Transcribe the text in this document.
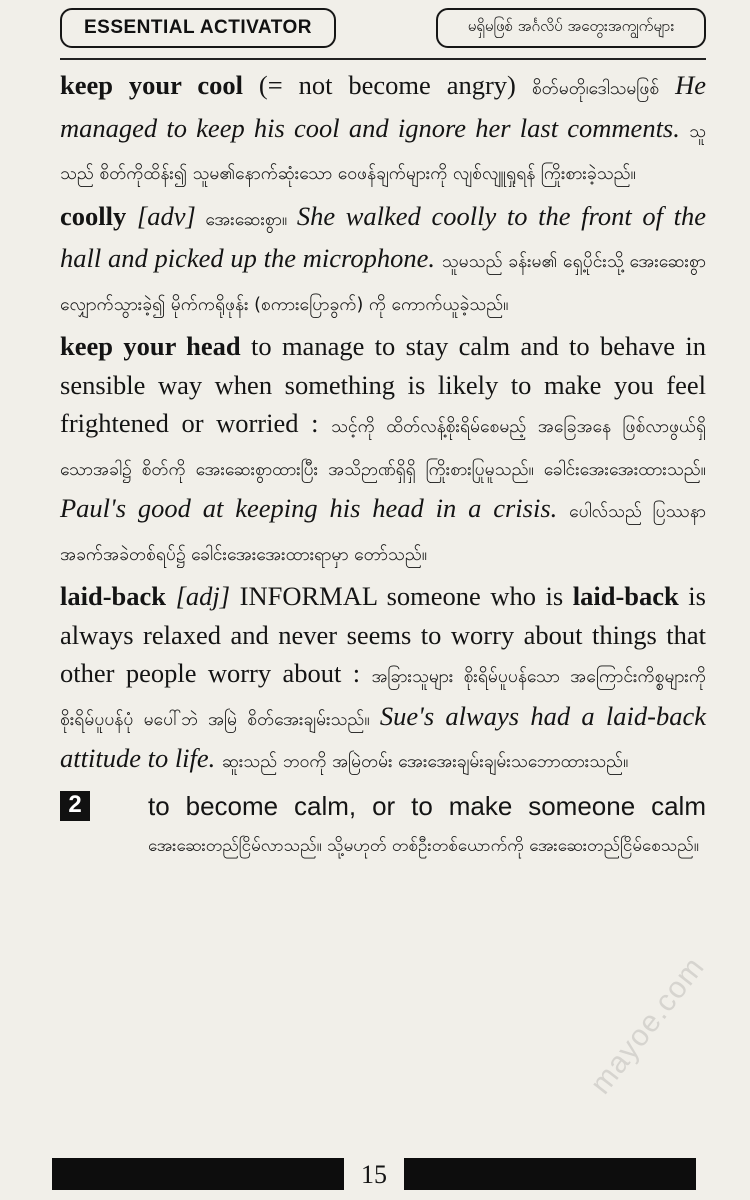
ESSENTIAL ACTIVATOR	မရှိမဖြစ် အင်္ဂလိပ် အတွေးအကျွက်များ

keep your cool (= not become angry) စိတ်မတို၊ဒေါသမဖြစ် He managed to keep his cool and ignore her last comments. သူသည် စိတ်ကိုထိန်း၍ သူမ၏နောက်ဆုံးသော ဝေဖန်ချက်များကို လျစ်လျူရှုရန် ကြိုးစားခဲ့သည်။

coolly [adv] အေးဆေးစွာ။ She walked coolly to the front of the hall and picked up the microphone. သူမသည် ခန်းမ၏ ရှေ့ပိုင်းသို့ အေးဆေးစွာ လျှောက်သွားခဲ့၍ မိုက်ကရိုဖုန်း (စကားပြောခွက်) ကို ကောက်ယူခဲ့သည်။

keep your head to manage to stay calm and to behave in sensible way when something is likely to make you feel frightened or worried : သင့်ကို ထိတ်လန့်စိုးရိမ်စေမည့် အခြေအနေ ဖြစ်လာဖွယ်ရှိသောအခါ၌ စိတ်ကို အေးဆေးစွာထားပြီး အသိဉာဏ်ရှိရှိ ကြိုးစားပြုမူသည်။ ခေါင်းအေးအေးထားသည်။ Paul's good at keeping his head in a crisis. ပေါလ်သည် ပြဿနာအခက်အခဲတစ်ရပ်၌ ခေါင်းအေးအေးထားရာမှာ တော်သည်။

laid-back [adj] INFORMAL someone who is laid-back is always relaxed and never seems to worry about things that other people worry about : အခြားသူများ စိုးရိမ်ပူပန်သော အကြောင်းကိစ္စများကို စိုးရိမ်ပူပန်ပုံ မပေါ်ဘဲ အမြဲ စိတ်အေးချမ်းသည်။ Sue's always had a laid-back attitude to life. ဆူးသည် ဘဝကို အမြဲတမ်း အေးအေးချမ်းချမ်းသဘောထားသည်။

2	to become calm, or to make someone calm အေးဆေးတည်ငြိမ်လာသည်။ သို့မဟုတ် တစ်ဦးတစ်ယောက်ကို အေးဆေးတည်ငြိမ်စေသည်။
15
mayoe.com
